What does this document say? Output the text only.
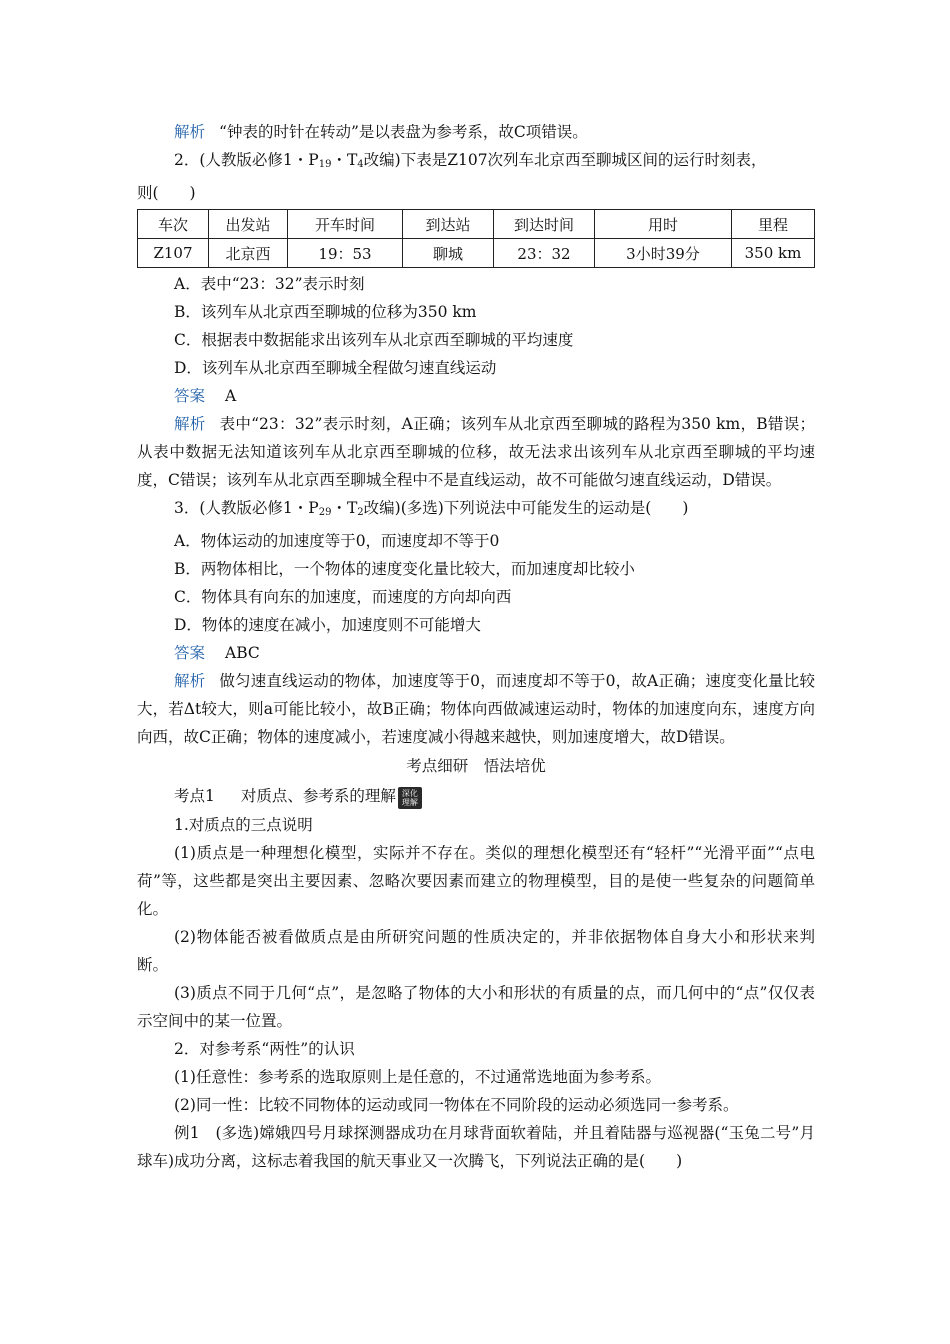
解析 “钟表的时针在转动”是以表盘为参考系，故C项错误。
2．(人教版必修1・$P_{19}$・$T_4$改编)下表是Z107次列车北京西至聊城区间的运行时刻表，
则(　　)
车次	出发站	开车时间	到达站	到达时间	用时	里程
Z107	北京西	19：53	聊城	23：32	3小时39分	350 km
A．表中“23：32”表示时刻
B．该列车从北京西至聊城的位移为350 km
C．根据表中数据能求出该列车从北京西至聊城的平均速度
D．该列车从北京西至聊城全程做匀速直线运动
答案 A
解析 表中“23：32”表示时刻，A正确；该列车从北京西至聊城的路程为350 km，B错误；从表中数据无法知道该列车从北京西至聊城的位移，故无法求出该列车从北京西至聊城的平均速度，C错误；该列车从北京西至聊城全程中不是直线运动，故不可能做匀速直线运动，D错误。
3．(人教版必修1・$P_{29}$・$T_2$改编)(多选)下列说法中可能发生的运动是(　　)
A．物体运动的加速度等于0，而速度却不等于0
B．两物体相比，一个物体的速度变化量比较大，而加速度却比较小
C．物体具有向东的加速度，而速度的方向却向西
D．物体的速度在减小，加速度则不可能增大
答案 ABC
解析 做匀速直线运动的物体，加速度等于0，而速度却不等于0，故A正确；速度变化量比较大，若Δt较大，则a可能比较小，故B正确；物体向西做减速运动时，物体的加速度向东，速度方向向西，故C正确；物体的速度减小，若速度减小得越来越快，则加速度增大，故D错误。
考点细研　悟法培优
考点1 对质点、参考系的理解 深化
理解
1.对质点的三点说明
(1)质点是一种理想化模型，实际并不存在。类似的理想化模型还有“轻杆”“光滑平面”“点电荷”等，这些都是突出主要因素、忽略次要因素而建立的物理模型，目的是使一些复杂的问题简单化。
(2)物体能否被看做质点是由所研究问题的性质决定的，并非依据物体自身大小和形状来判断。
(3)质点不同于几何“点”，是忽略了物体的大小和形状的有质量的点，而几何中的“点”仅仅表示空间中的某一位置。
2．对参考系“两性”的认识
(1)任意性：参考系的选取原则上是任意的，不过通常选地面为参考系。
(2)同一性：比较不同物体的运动或同一物体在不同阶段的运动必须选同一参考系。
例1　(多选)嫦娥四号月球探测器成功在月球背面软着陆，并且着陆器与巡视器(“玉兔二号”月球车)成功分离，这标志着我国的航天事业又一次腾飞，下列说法正确的是(　　)
